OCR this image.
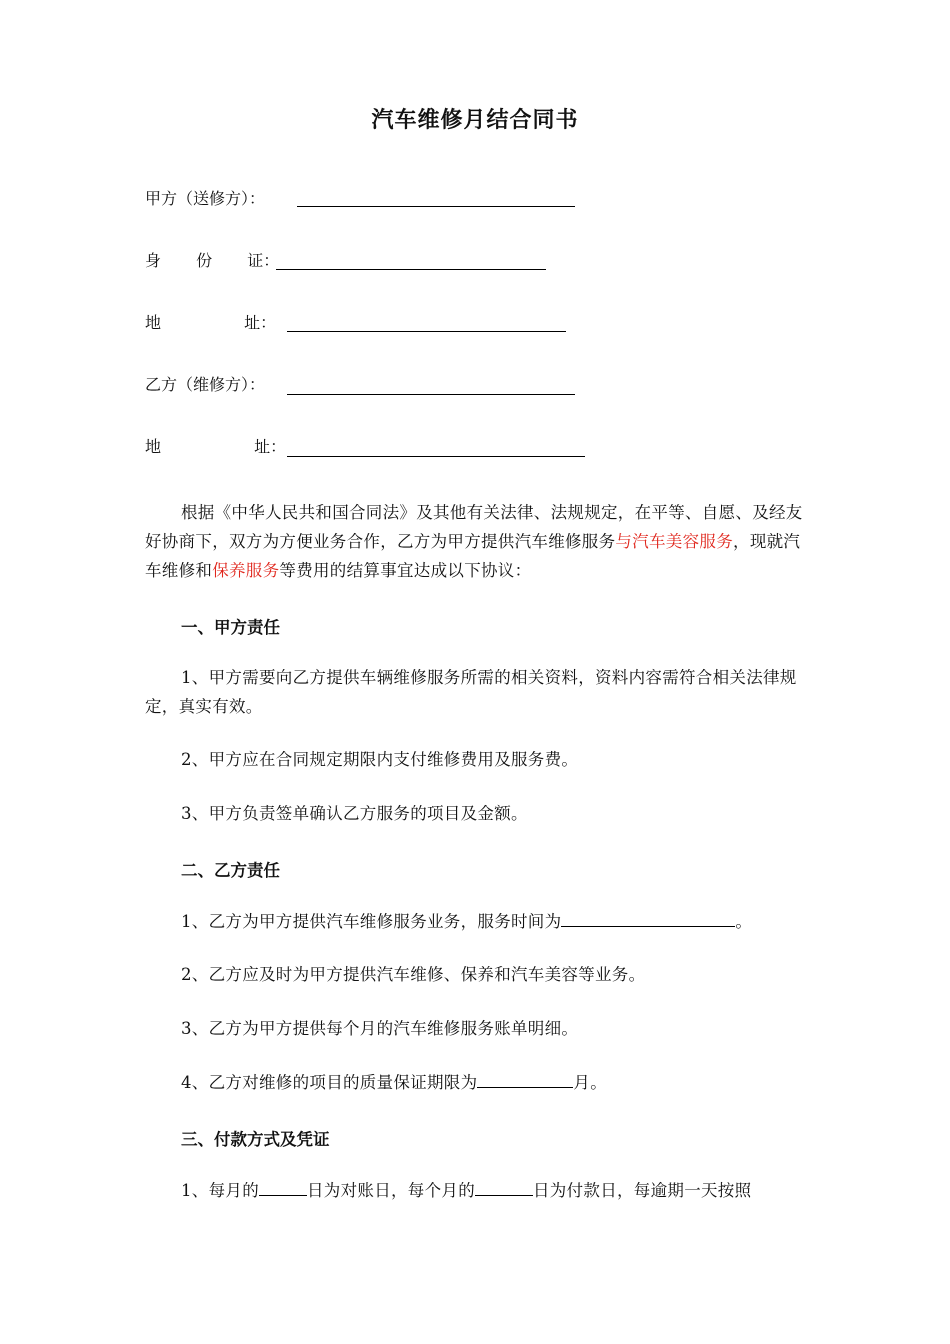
汽车维修月结合同书
甲方（送修方）：
身 份 证：
地	址：
乙方（维修方）：
地	址：
根据《中华人民共和国合同法》及其他有关法律、法规规定，在平等、自愿、及经友好协商下，双方为方便业务合作，乙方为甲方提供汽车维修服务与汽车美容服务，现就汽车维修和保养服务等费用的结算事宜达成以下协议：
一、甲方责任
1、甲方需要向乙方提供车辆维修服务所需的相关资料，资料内容需符合相关法律规定，真实有效。
2、甲方应在合同规定期限内支付维修费用及服务费。
3、甲方负责签单确认乙方服务的项目及金额。
二、乙方责任
1、乙方为甲方提供汽车维修服务业务，服务时间为	。
2、乙方应及时为甲方提供汽车维修、保养和汽车美容等业务。
3、乙方为甲方提供每个月的汽车维修服务账单明细。
4、乙方对维修的项目的质量保证期限为	月。
三、付款方式及凭证
1、每月的	日为对账日，每个月的	日为付款日，每逾期一天按照
